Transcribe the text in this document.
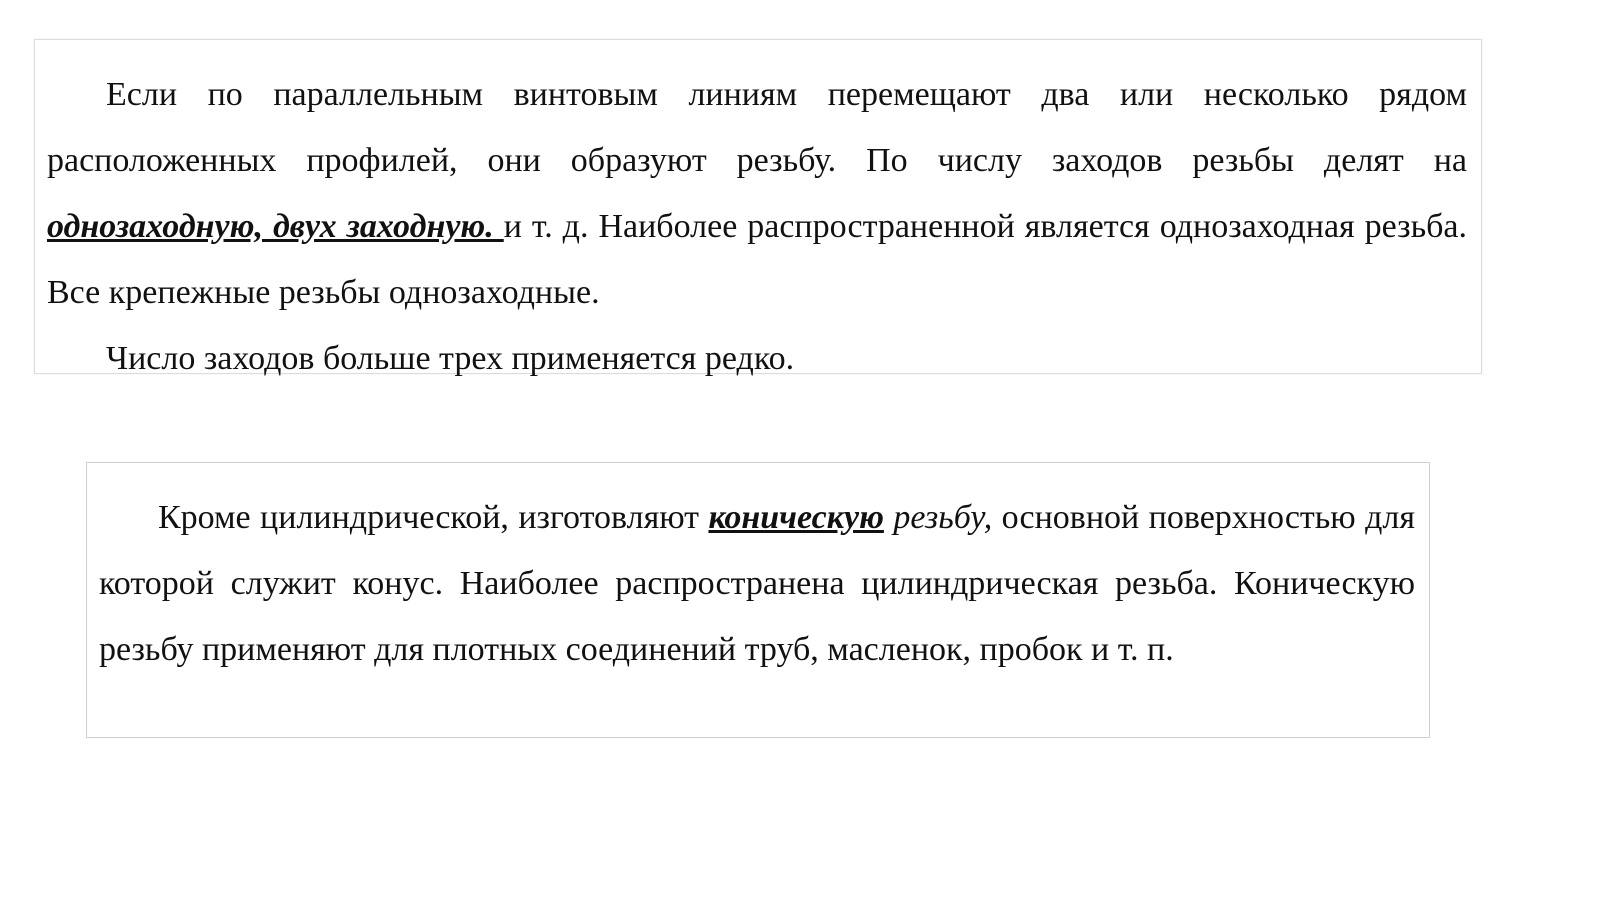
Если по параллельным винтовым линиям перемещают два или несколько рядом расположенных профилей, они образуют резьбу. По числу заходов резьбы делят на однозаходную, двух заходную. и т. д. Наиболее распространенной является однозаходная резьба. Все крепежные резьбы однозаходные.

Число заходов больше трех применяется редко.

Кроме цилиндрической, изготовляют коническую резьбу, основной поверхностью для которой служит конус. Наиболее распространена цилиндрическая резьба. Коническую резьбу применяют для плотных соединений труб, масленок, пробок и т. п.
